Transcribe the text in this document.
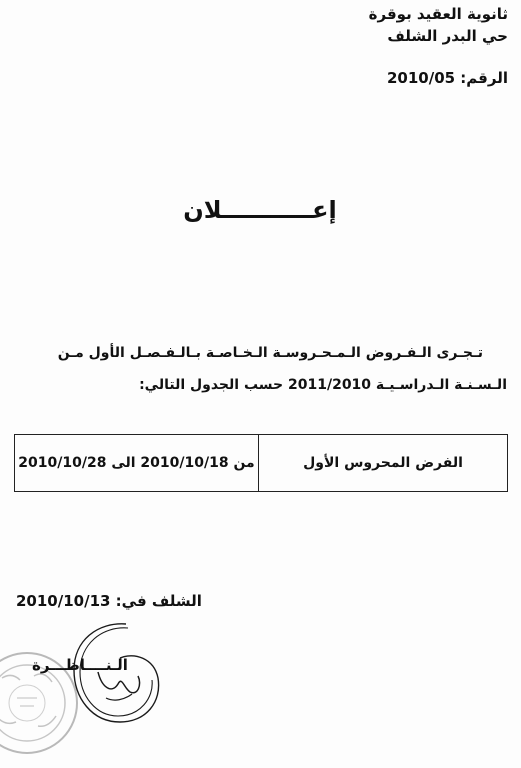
ثانوية العقيد بوقرة
حي البدر الشلف
الرقم: 2010/05
إعـــــــــــلان
تـجـرى الـفـروض الـمـحـروسـة الـخـاصـة بـالـفـصـل الأول مـن
الـسـنـة الـدراسـيـة 2011/2010 حسب الجدول التالي:
الفرض المحروس الأول
من 2010/10/18 الى 2010/10/28
الشلف في: 2010/10/13
الـنــــاظـــرة
